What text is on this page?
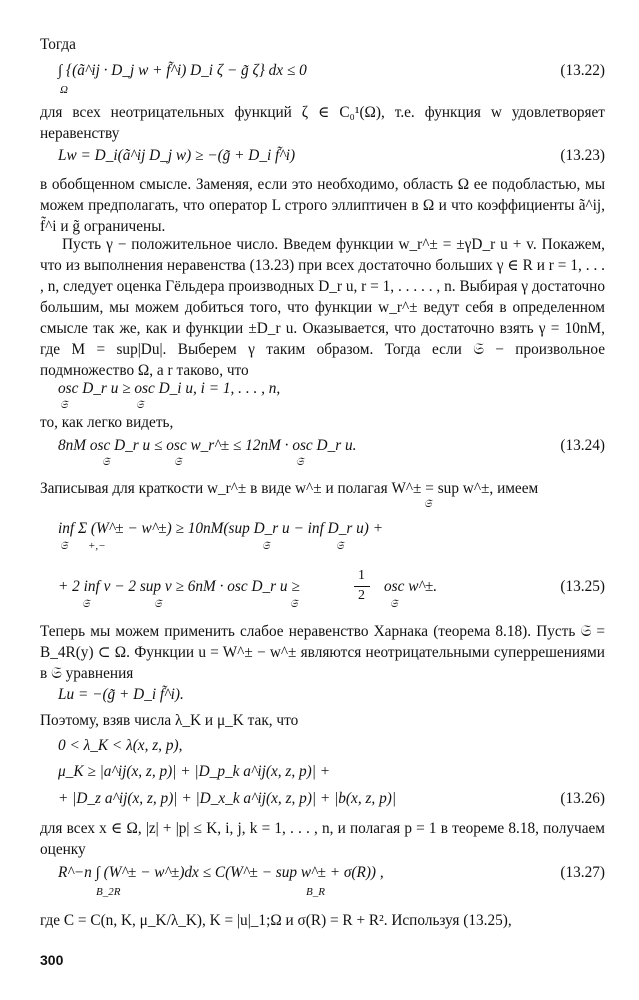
Тогда
∫ {(ã^ij · D_j w + f̃^i) D_i ζ − g̃ ζ} dx ≤ 0
Ω
(13.22)
для всех неотрицательных функций ζ ∈ C₀¹(Ω), т.е. функция w удовлетворяет неравенству
Lw = D_i(ã^ij D_j w) ≥ −(g̃ + D_i f̃^i)	(13.23)
в обобщенном смысле. Заменяя, если это необходимо, область Ω ее подобластью, мы можем предполагать, что оператор L строго эллиптичен в Ω и что коэффициенты ã^ij, f̃^i и g̃ ограничены.
Пусть γ − положительное число. Введем функции w_r^± = ±γD_r u + v. Покажем, что из выполнения неравенства (13.23) при всех достаточно больших γ ∈ R и r = 1, . . . , n, следует оценка Гёльдера производных D_r u, r = 1, . . . . . , n. Выбирая γ достаточно большим, мы можем добиться того, что функции w_r^± ведут себя в определенном смысле так же, как и функции ±D_r u. Оказывается, что достаточно взять γ = 10nM, где M = sup|Du|. Выберем γ таким образом. Тогда если 𝔖 − произвольное подмножество Ω, а r таково, что
osc D_r u ≥ osc D_i u, i = 1, . . . , n,
𝔖	𝔖
то, как легко видеть,
8nM osc D_r u ≤ osc w_r^± ≤ 12nM · osc D_r u.
𝔖	𝔖	𝔖
(13.24)
Записывая для краткости w_r^± в виде w^± и полагая W^± = sup w^±, имеем
𝔖
inf Σ (W^± − w^±) ≥ 10nM(sup D_r u − inf D_r u) +
𝔖 +,−	𝔖	𝔖
+ 2 inf v − 2 sup v ≥ 6nM · osc D_r u ≥
1
2
osc w^±.
𝔖	𝔖	𝔖	𝔖
(13.25)
Теперь мы можем применить слабое неравенство Харнака (теорема 8.18). Пусть 𝔖 = B_4R(y) ⊂ Ω. Функции u = W^± − w^± являются неотрицательными суперрешениями в 𝔖 уравнения
Lu = −(g̃ + D_i f̃^i).
Поэтому, взяв числа λ_K и μ_K так, что
0 < λ_K < λ(x, z, p),
μ_K ≥ |a^ij(x, z, p)| + |D_p_k a^ij(x, z, p)| +
+ |D_z a^ij(x, z, p)| + |D_x_k a^ij(x, z, p)| + |b(x, z, p)|	(13.26)
для всех x ∈ Ω, |z| + |p| ≤ K, i, j, k = 1, . . . , n, и полагая p = 1 в теореме 8.18, получаем оценку
R^−n ∫ (W^± − w^±)dx ≤ C(W^± − sup w^± + σ(R)) ,
B_2R	B_R
(13.27)
где C = C(n, K, μ_K/λ_K), K = |u|_1;Ω и σ(R) = R + R². Используя (13.25),
300
